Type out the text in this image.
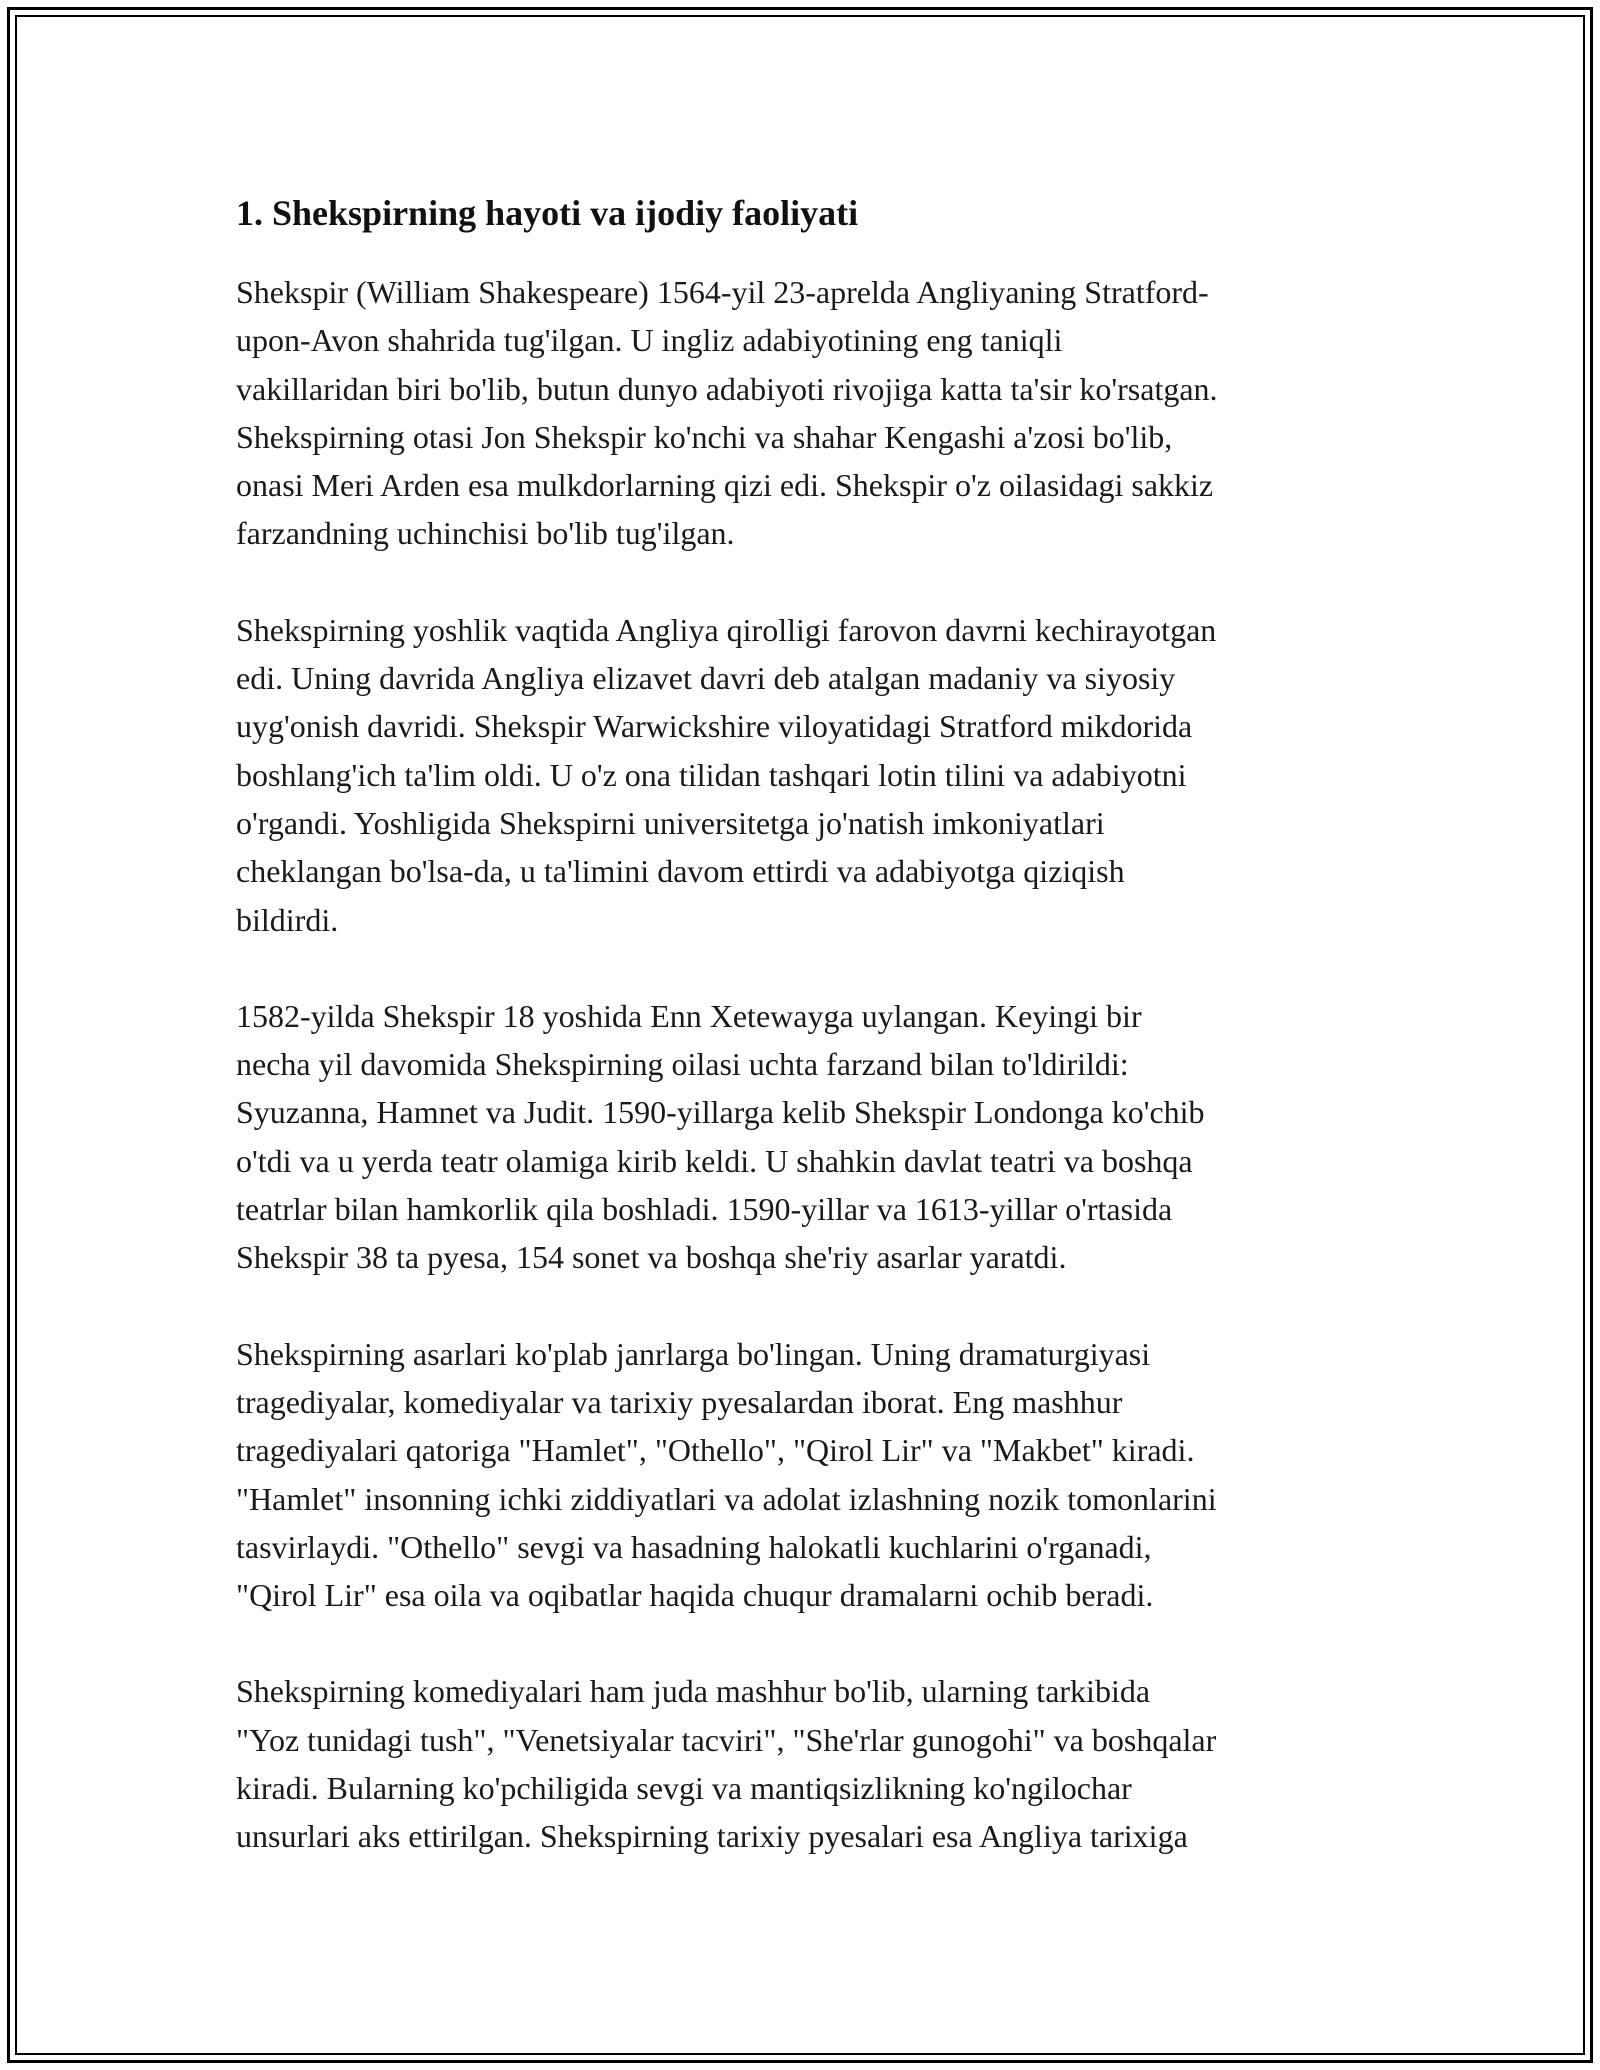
1. Shekspirning hayoti va ijodiy faoliyati

Shekspir (William Shakespeare) 1564-yil 23-aprelda Angliyaning Stratford-
upon-Avon shahrida tug'ilgan. U ingliz adabiyotining eng taniqli
vakillaridan biri bo'lib, butun dunyo adabiyoti rivojiga katta ta'sir ko'rsatgan.
Shekspirning otasi Jon Shekspir ko'nchi va shahar Kengashi a'zosi bo'lib,
onasi Meri Arden esa mulkdorlarning qizi edi. Shekspir o'z oilasidagi sakkiz
farzandning uchinchisi bo'lib tug'ilgan.

Shekspirning yoshlik vaqtida Angliya qirolligi farovon davrni kechirayotgan
edi. Uning davrida Angliya elizavet davri deb atalgan madaniy va siyosiy
uyg'onish davridi. Shekspir Warwickshire viloyatidagi Stratford mikdorida
boshlang'ich ta'lim oldi. U o'z ona tilidan tashqari lotin tilini va adabiyotni
o'rgandi. Yoshligida Shekspirni universitetga jo'natish imkoniyatlari
cheklangan bo'lsa-da, u ta'limini davom ettirdi va adabiyotga qiziqish
bildirdi.

1582-yilda Shekspir 18 yoshida Enn Xetewayga uylangan. Keyingi bir
necha yil davomida Shekspirning oilasi uchta farzand bilan to'ldirildi:
Syuzanna, Hamnet va Judit. 1590-yillarga kelib Shekspir Londonga ko'chib
o'tdi va u yerda teatr olamiga kirib keldi. U shahkin davlat teatri va boshqa
teatrlar bilan hamkorlik qila boshladi. 1590-yillar va 1613-yillar o'rtasida
Shekspir 38 ta pyesa, 154 sonet va boshqa she'riy asarlar yaratdi.

Shekspirning asarlari ko'plab janrlarga bo'lingan. Uning dramaturgiyasi
tragediyalar, komediyalar va tarixiy pyesalardan iborat. Eng mashhur
tragediyalari qatoriga "Hamlet", "Othello", "Qirol Lir" va "Makbet" kiradi.
"Hamlet" insonning ichki ziddiyatlari va adolat izlashning nozik tomonlarini
tasvirlaydi. "Othello" sevgi va hasadning halokatli kuchlarini o'rganadi,
"Qirol Lir" esa oila va oqibatlar haqida chuqur dramalarni ochib beradi.

Shekspirning komediyalari ham juda mashhur bo'lib, ularning tarkibida
"Yoz tunidagi tush", "Venetsiyalar tacviri", "She'rlar gunogohi" va boshqalar
kiradi. Bularning ko'pchiligida sevgi va mantiqsizlikning ko'ngilochar
unsurlari aks ettirilgan. Shekspirning tarixiy pyesalari esa Angliya tarixiga
